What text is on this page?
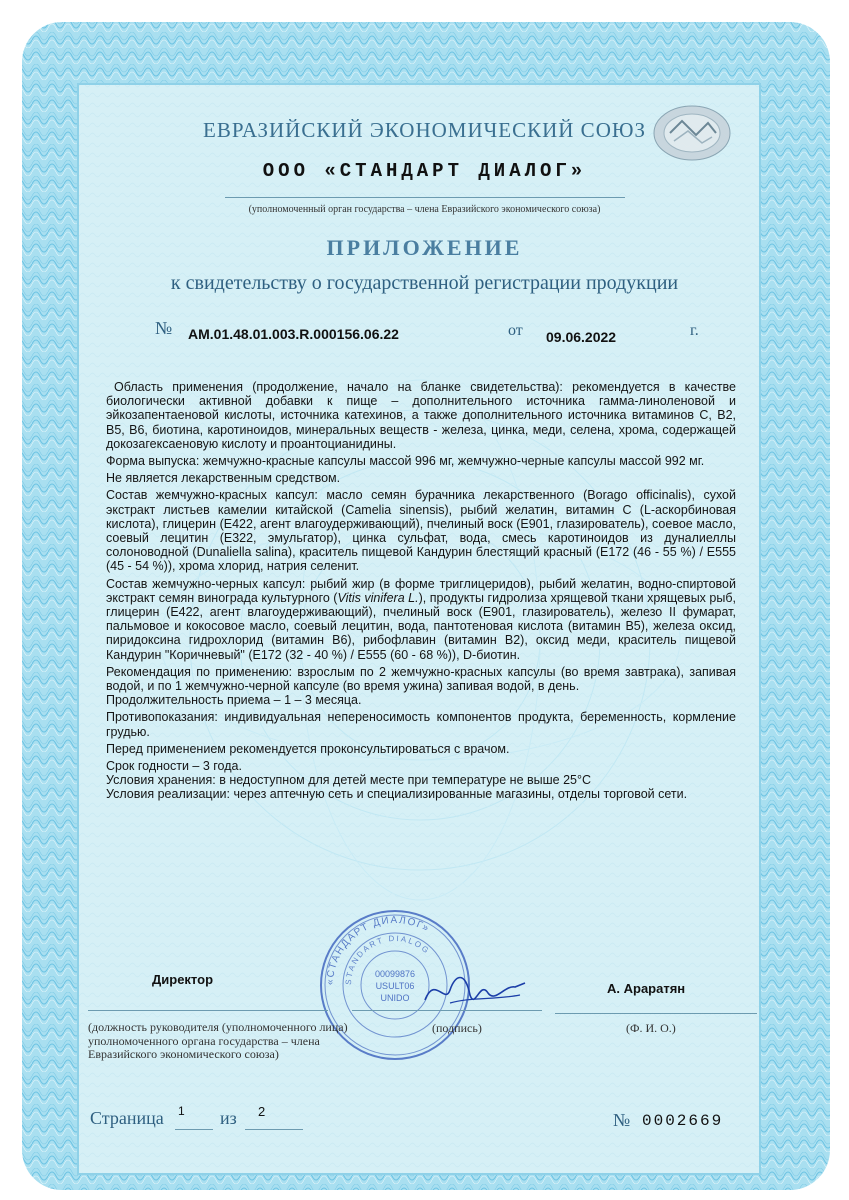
ЕВРАЗИЙСКИЙ ЭКОНОМИЧЕСКИЙ СОЮЗ
ООО «СТАНДАРТ ДИАЛОГ»
(уполномоченный орган государства – члена Евразийского экономического союза)
ПРИЛОЖЕНИЕ
к свидетельству о государственной регистрации продукции
№ AM.01.48.01.003.R.000156.06.22	от 09.06.2022	г.

Область применения (продолжение, начало на бланке свидетельства): рекомендуется в качестве биологически активной добавки к пище – дополнительного источника гамма-линоленовой и эйкозапентаеновой кислоты, источника катехинов, а также дополнительного источника витаминов С, В2, В5, В6, биотина, каротиноидов, минеральных веществ - железа, цинка, меди, селена, хрома, содержащей докозагексаеновую кислоту и проантоцианидины.

Форма выпуска: жемчужно-красные капсулы массой 996 мг, жемчужно-черные капсулы массой 992 мг.

Не является лекарственным средством.

Состав жемчужно-красных капсул: масло семян бурачника лекарственного (Borago officinalis), сухой экстракт листьев камелии китайской (Camelia sinensis), рыбий желатин, витамин С (L-аскорбиновая кислота), глицерин (Е422, агент влагоудерживающий), пчелиный воск (Е901, глазирователь), соевое масло, соевый лецитин (Е322, эмульгатор), цинка сульфат, вода, смесь каротиноидов из дуналиеллы солоноводной (Dunaliella salina), краситель пищевой Кандурин блестящий красный (Е172 (46 - 55 %) / Е555 (45 - 54 %)), хрома хлорид, натрия селенит.

Состав жемчужно-черных капсул: рыбий жир (в форме триглицеридов), рыбий желатин, водно-спиртовой экстракт семян винограда культурного (Vitis vinifera L.), продукты гидролиза хрящевой ткани хрящевых рыб, глицерин (Е422, агент влагоудерживающий), пчелиный воск (Е901, глазирователь), железо II фумарат, пальмовое и кокосовое масло, соевый лецитин, вода, пантотеновая кислота (витамин В5), железа оксид, пиридоксина гидрохлорид (витамин В6), рибофлавин (витамин В2), оксид меди, краситель пищевой Кандурин "Коричневый" (Е172 (32 - 40 %) / Е555 (60 - 68 %)), D-биотин.

Рекомендация по применению: взрослым по 2 жемчужно-красных капсулы (во время завтрака), запивая водой, и по 1 жемчужно-черной капсуле (во время ужина) запивая водой, в день.

Продолжительность приема – 1 – 3 месяца.

Противопоказания: индивидуальная непереносимость компонентов продукта, беременность, кормление грудью.

Перед применением рекомендуется проконсультироваться с врачом.

Срок годности – 3 года.

Условия хранения: в недоступном для детей месте при температуре не выше 25°С

Условия реализации: через аптечную сеть и специализированные магазины, отделы торговой сети.

«СТАНДАРТ ДИАЛОГ»
STANDART DIALOG
00099876
USULT06
UNIDO
Директор
А. Араратян
(должность руководителя (уполномоченного лица) уполномоченного органа государства – члена Евразийского экономического союза)
(подпись)	(Ф. И. О.)
Страница 1 из 2	№ 0002669
